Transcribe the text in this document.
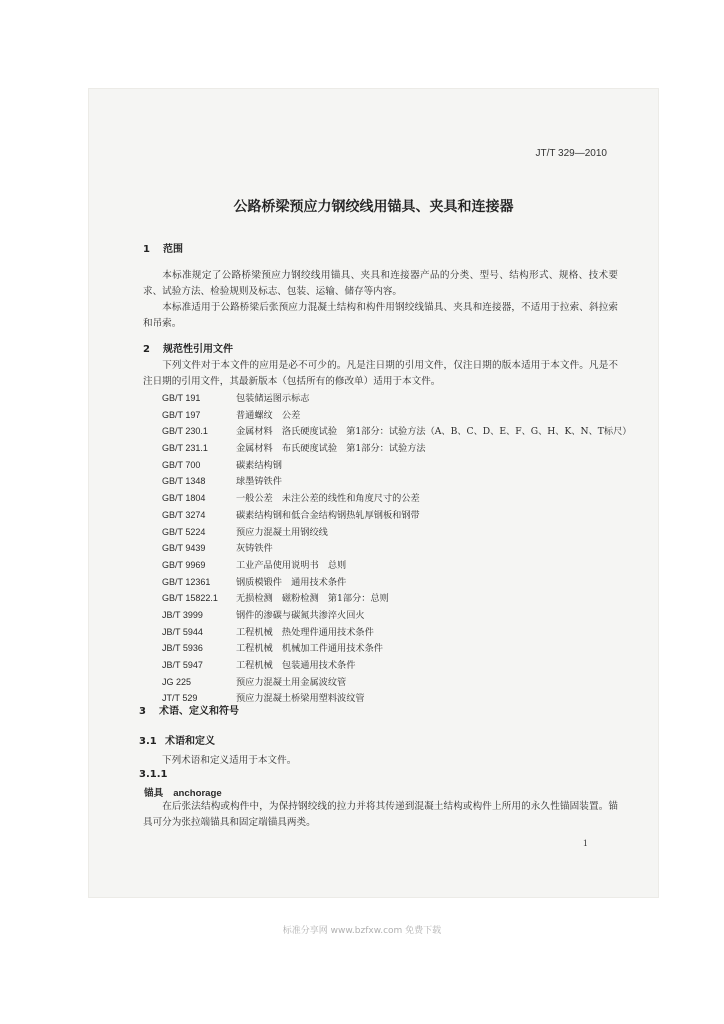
JT/T 329—2010
公路桥梁预应力钢绞线用锚具、夹具和连接器
1 范围
本标准规定了公路桥梁预应力钢绞线用锚具、夹具和连接器产品的分类、型号、结构形式、规格、技术要求、试验方法、检验规则及标志、包装、运输、储存等内容。
本标准适用于公路桥梁后张预应力混凝土结构和构件用钢绞线锚具、夹具和连接器，不适用于拉索、斜拉索和吊索。
2 规范性引用文件
下列文件对于本文件的应用是必不可少的。凡是注日期的引用文件，仅注日期的版本适用于本文件。凡是不注日期的引用文件，其最新版本（包括所有的修改单）适用于本文件。
GB/T 191	包装储运图示标志
GB/T 197	普通螺纹　公差
GB/T 230.1	金属材料　洛氏硬度试验　第1部分：试验方法（A、B、C、D、E、F、G、H、K、N、T标尺）
GB/T 231.1	金属材料　布氏硬度试验　第1部分：试验方法
GB/T 700	碳素结构钢
GB/T 1348	球墨铸铁件
GB/T 1804	一般公差　未注公差的线性和角度尺寸的公差
GB/T 3274	碳素结构钢和低合金结构钢热轧厚钢板和钢带
GB/T 5224	预应力混凝土用钢绞线
GB/T 9439	灰铸铁件
GB/T 9969	工业产品使用说明书　总则
GB/T 12361	钢质模锻件　通用技术条件
GB/T 15822.1 无损检测　磁粉检测　第1部分：总则
JB/T 3999	钢件的渗碳与碳氮共渗淬火回火
JB/T 5944	工程机械　热处理件通用技术条件
JB/T 5936	工程机械　机械加工件通用技术条件
JB/T 5947	工程机械　包装通用技术条件
JG 225	预应力混凝土用金属波纹管
JT/T 529	预应力混凝土桥梁用塑料波纹管
3 术语、定义和符号
3.1 术语和定义
下列术语和定义适用于本文件。
3.1.1
锚具 anchorage
在后张法结构或构件中，为保持钢绞线的拉力并将其传递到混凝土结构或构件上所用的永久性锚固装置。锚具可分为张拉端锚具和固定端锚具两类。
1
标准分享网 www.bzfxw.com 免费下载
